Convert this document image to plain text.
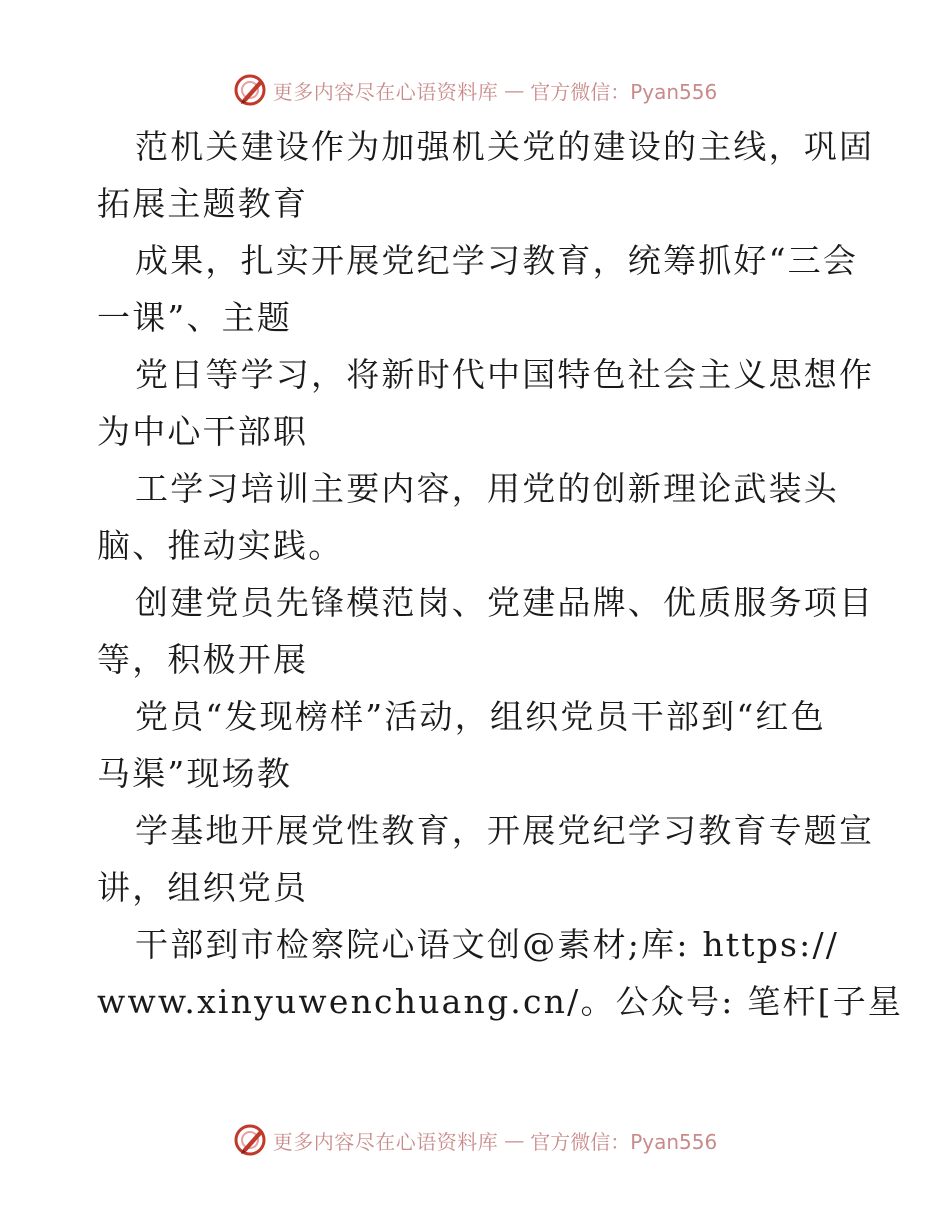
更多内容尽在心语资料库 — 官方微信：Pyan556

范机关建设作为加强机关党的建设的主线，巩固
拓展主题教育
成果，扎实开展党纪学习教育，统筹抓好“三会
一课”、主题
党日等学习，将新时代中国特色社会主义思想作
为中心干部职
工学习培训主要内容，用党的创新理论武装头
脑、推动实践。
创建党员先锋模范岗、党建品牌、优质服务项目
等，积极开展
党员“发现榜样”活动，组织党员干部到“红色
马渠”现场教
学基地开展党性教育，开展党纪学习教育专题宣
讲，组织党员
干部到市检察院心语文创@素材;库: https://
www.xinyuwenchuang.cn/。公众号: 笔杆[子星

更多内容尽在心语资料库 — 官方微信：Pyan556
